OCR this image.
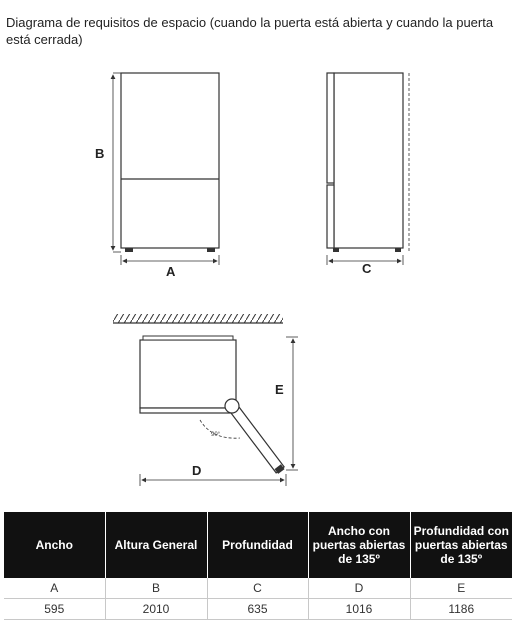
Diagrama de requisitos de espacio (cuando la puerta está abierta y cuando la puerta está cerrada)
B
A	C
90°
E
D
Ancho	Altura General	Profundidad	Ancho con puertas abiertas de 135º	Profundidad con puertas abiertas de 135º
A	B	C	D	E
595	2010	635	1016	1186
